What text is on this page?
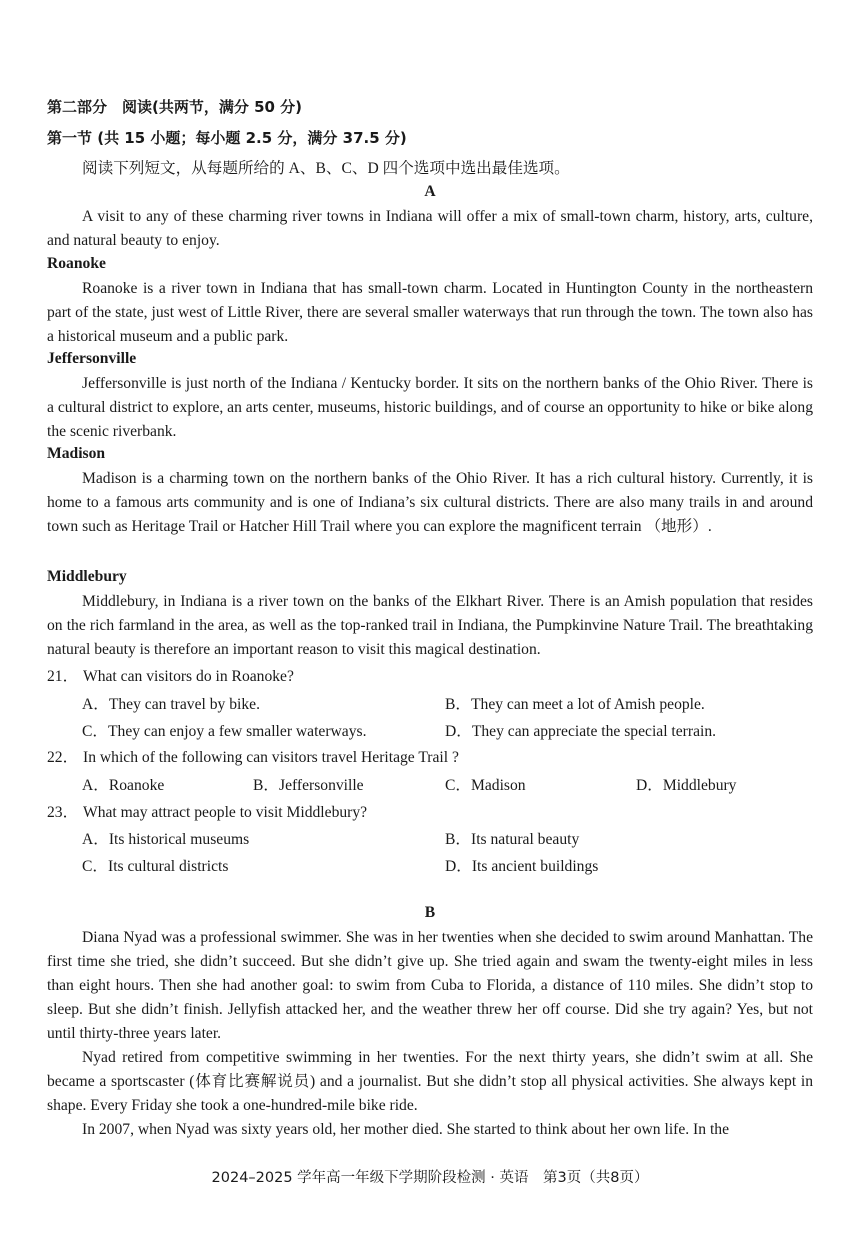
第二部分　阅读(共两节，满分 50 分)
第一节 (共 15 小题；每小题 2.5 分，满分 37.5 分)
阅读下列短文，从每题所给的 A、B、C、D 四个选项中选出最佳选项。
A

A visit to any of these charming river towns in Indiana will offer a mix of small-town charm, history, arts, culture, and natural beauty to enjoy.

Roanoke

Roanoke is a river town in Indiana that has small-town charm. Located in Huntington County in the northeastern part of the state, just west of Little River, there are several smaller waterways that run through the town. The town also has a historical museum and a public park.

Jeffersonville

Jeffersonville is just north of the Indiana / Kentucky border. It sits on the northern banks of the Ohio River. There is a cultural district to explore, an arts center, museums, historic buildings, and of course an opportunity to hike or bike along the scenic riverbank.

Madison

Madison is a charming town on the northern banks of the Ohio River. It has a rich cultural history. Currently, it is home to a famous arts community and is one of Indiana’s six cultural districts. There are also many trails in and around town such as Heritage Trail or Hatcher Hill Trail where you can explore the magnificent terrain （地形）.

Middlebury

Middlebury, in Indiana is a river town on the banks of the Elkhart River. There is an Amish population that resides on the rich farmland in the area, as well as the top-ranked trail in Indiana, the Pumpkinvine Nature Trail. The breathtaking natural beauty is therefore an important reason to visit this magical destination.

21． What can visitors do in Roanoke?
A．They can travel by bike.	B．They can meet a lot of Amish people.
C．They can enjoy a few smaller waterways.	D．They can appreciate the special terrain.
22． In which of the following can visitors travel Heritage Trail ?
A．Roanoke	B．Jeffersonville	C．Madison	D．Middlebury
23． What may attract people to visit Middlebury?
A．Its historical museums	B．Its natural beauty
C．Its cultural districts	D．Its ancient buildings
B

Diana Nyad was a professional swimmer. She was in her twenties when she decided to swim around Manhattan. The first time she tried, she didn’t succeed. But she didn’t give up. She tried again and swam the twenty-eight miles in less than eight hours. Then she had another goal: to swim from Cuba to Florida, a distance of 110 miles. She didn’t stop to sleep. But she didn’t finish. Jellyfish attacked her, and the weather threw her off course. Did she try again? Yes, but not until thirty-three years later.

Nyad retired from competitive swimming in her twenties. For the next thirty years, she didn’t swim at all. She became a sportscaster (体育比赛解说员) and a journalist. But she didn’t stop all physical activities. She always kept in shape. Every Friday she took a one-hundred-mile bike ride.

In 2007, when Nyad was sixty years old, her mother died. She started to think about her own life. In the

2024–2025 学年高一年级下学期阶段检测 · 英语　第3页（共8页）
